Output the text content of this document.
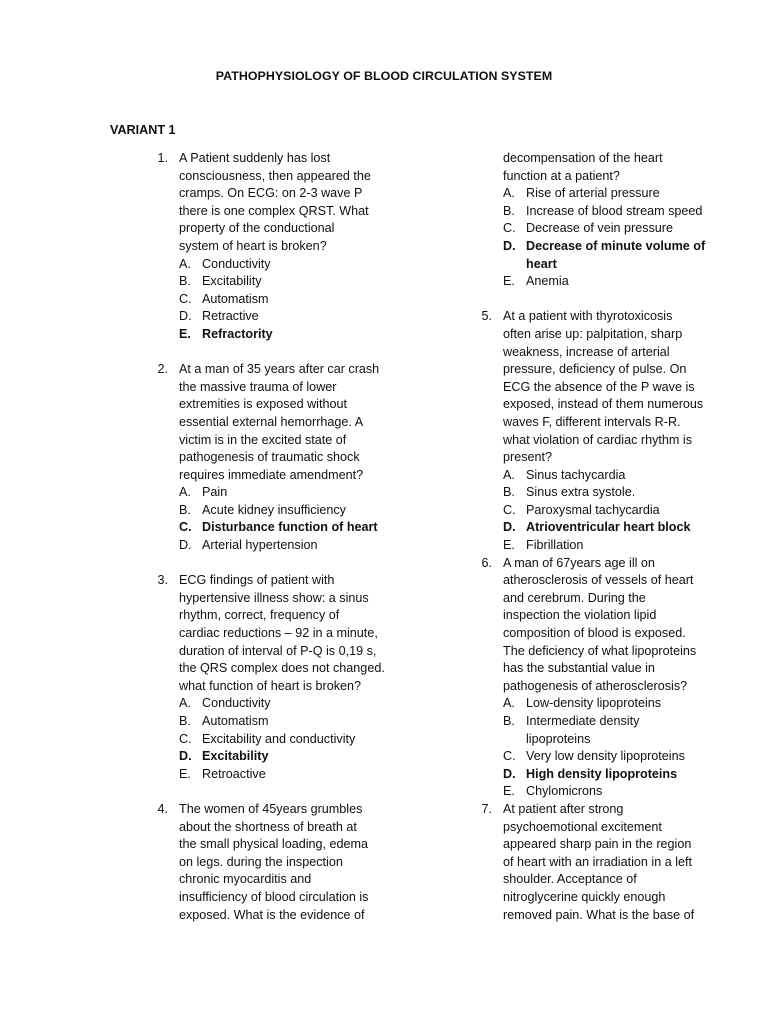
PATHOPHYSIOLOGY OF BLOOD CIRCULATION SYSTEM
VARIANT 1
1. A Patient suddenly has lost
consciousness, then appeared the
cramps. On ECG: on 2-3 wave P
there is one complex QRST. What
property of the conductional
system of heart is broken?
A. Conductivity
B. Excitability
C. Automatism
D. Retractive
E. Refractority
2. At a man of 35 years after car crash
the massive trauma of lower
extremities is exposed without
essential external hemorrhage. A
victim is in the excited state of
pathogenesis of traumatic shock
requires immediate amendment?
A. Pain
B. Acute kidney insufficiency
C. Disturbance function of heart
D. Arterial hypertension
3. ECG findings of patient with
hypertensive illness show: a sinus
rhythm, correct, frequency of
cardiac reductions – 92 in a minute,
duration of interval of P-Q is 0,19 s,
the QRS complex does not changed.
what function of heart is broken?
A. Conductivity
B. Automatism
C. Excitability and conductivity
D. Excitability
E. Retroactive
4. The women of 45years grumbles
about the shortness of breath at
the small physical loading, edema
on legs. during the inspection
chronic myocarditis and
insufficiency of blood circulation is
exposed. What is the evidence of
decompensation of the heart
function at a patient?
A. Rise of arterial pressure
B. Increase of blood stream speed
C. Decrease of vein pressure
D. Decrease of minute volume of
heart
E. Anemia
5. At a patient with thyrotoxicosis
often arise up: palpitation, sharp
weakness, increase of arterial
pressure, deficiency of pulse. On
ECG the absence of the P wave is
exposed, instead of them numerous
waves F, different intervals R-R.
what violation of cardiac rhythm is
present?
A. Sinus tachycardia
B. Sinus extra systole.
C. Paroxysmal tachycardia
D. Atrioventricular heart block
E. Fibrillation
6. A man of 67years age ill on
atherosclerosis of vessels of heart
and cerebrum. During the
inspection the violation lipid
composition of blood is exposed.
The deficiency of what lipoproteins
has the substantial value in
pathogenesis of atherosclerosis?
A. Low-density lipoproteins
B. Intermediate density
lipoproteins
C. Very low density lipoproteins
D. High density lipoproteins
E. Chylomicrons
7. At patient after strong
psychoemotional excitement
appeared sharp pain in the region
of heart with an irradiation in a left
shoulder. Acceptance of
nitroglycerine quickly enough
removed pain. What is the base of
